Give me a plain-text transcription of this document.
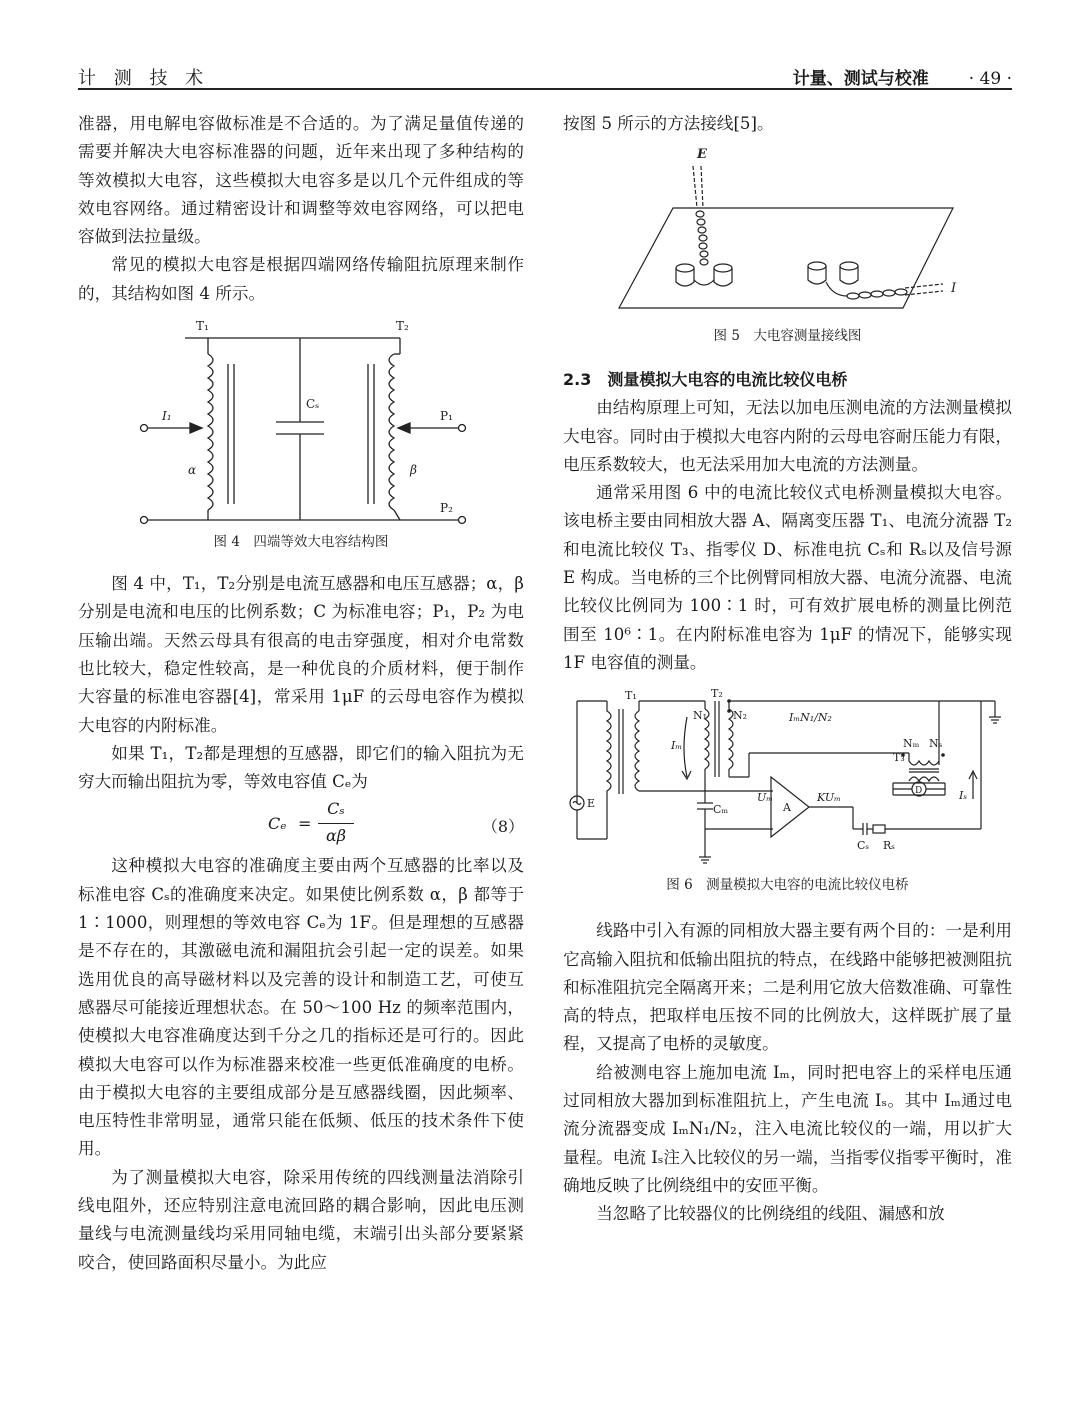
计 测 技 术	计量、测试与校准 · 49 ·

准器，用电解电容做标准是不合适的。为了满足量值传递的需要并解决大电容标准器的问题，近年来出现了多种结构的等效模拟大电容，这些模拟大电容多是以几个元件组成的等效电容网络。通过精密设计和调整等效电容网络，可以把电容做到法拉量级。

常见的模拟大电容是根据四端网络传输阻抗原理来制作的，其结构如图 4 所示。

T₁	T₂
I₁
Cₛ
P₁
P₂
α	β

图 4　四端等效大电容结构图

图 4 中，T₁，T₂分别是电流互感器和电压互感器；α，β 分别是电流和电压的比例系数；C 为标准电容；P₁，P₂ 为电压输出端。天然云母具有很高的电击穿强度，相对介电常数也比较大，稳定性较高，是一种优良的介质材料，便于制作大容量的标准电容器[4]，常采用 1μF 的云母电容作为模拟大电容的内附标准。

如果 T₁，T₂都是理想的互感器，即它们的输入阻抗为无穷大而输出阻抗为零，等效电容值 Cₑ为

Cₑ =
Cₛ
αβ	（8）

这种模拟大电容的准确度主要由两个互感器的比率以及标准电容 Cₛ的准确度来决定。如果使比例系数 α，β 都等于 1∶1000，则理想的等效电容 Cₑ为 1F。但是理想的互感器是不存在的，其激磁电流和漏阻抗会引起一定的误差。如果选用优良的高导磁材料以及完善的设计和制造工艺，可使互感器尽可能接近理想状态。在 50～100 Hz 的频率范围内，使模拟大电容准确度达到千分之几的指标还是可行的。因此模拟大电容可以作为标准器来校准一些更低准确度的电桥。由于模拟大电容的主要组成部分是互感器线圈，因此频率、电压特性非常明显，通常只能在低频、低压的技术条件下使用。

为了测量模拟大电容，除采用传统的四线测量法消除引线电阻外，还应特别注意电流回路的耦合影响，因此电压测量线与电流测量线均采用同轴电缆，末端引出头部分要紧紧咬合，使回路面积尽量小。为此应

按图 5 所示的方法接线[5]。

E
I

图 5　大电容测量接线图

2.3　测量模拟大电容的电流比较仪电桥

由结构原理上可知，无法以加电压测电流的方法测量模拟大电容。同时由于模拟大电容内附的云母电容耐压能力有限，电压系数较大，也无法采用加大电流的方法测量。

通常采用图 6 中的电流比较仪式电桥测量模拟大电容。该电桥主要由同相放大器 A、隔离变压器 T₁、电流分流器 T₂和电流比较仪 T₃、指零仪 D、标准电抗 Cₛ和 Rₛ以及信号源 E 构成。当电桥的三个比例臂同相放大器、电流分流器、电流比较仪比例同为 100∶1 时，可有效扩展电桥的测量比例范围至 10⁶∶1。在内附标准电容为 1μF 的情况下，能够实现 1F 电容值的测量。

T₁	T₂
N₁ N₂	IₘN₁/N₂
Nₘ Nₛ
T₃
E
Iₘ
Cₘ
Uₘ
A
KUₘ
Cₛ Rₛ
Iₛ
D

图 6　测量模拟大电容的电流比较仪电桥

线路中引入有源的同相放大器主要有两个目的：一是利用它高输入阻抗和低输出阻抗的特点，在线路中能够把被测阻抗和标准阻抗完全隔离开来；二是利用它放大倍数准确、可靠性高的特点，把取样电压按不同的比例放大，这样既扩展了量程，又提高了电桥的灵敏度。

给被测电容上施加电流 Iₘ，同时把电容上的采样电压通过同相放大器加到标准阻抗上，产生电流 Iₛ。其中 Iₘ通过电流分流器变成 IₘN₁/N₂，注入电流比较仪的一端，用以扩大量程。电流 Iₛ注入比较仪的另一端，当指零仪指零平衡时，准确地反映了比例绕组中的安匝平衡。

当忽略了比较器仪的比例绕组的线阻、漏感和放
